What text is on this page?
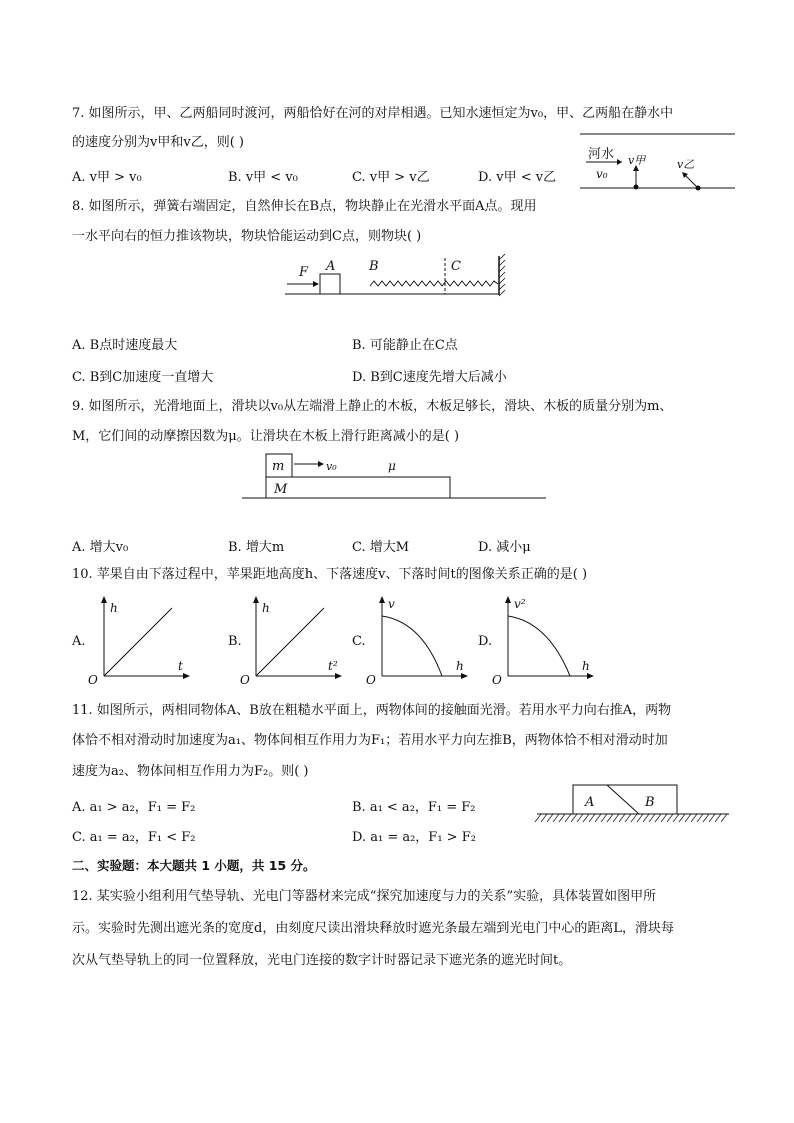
7. 如图所示，甲、乙两船同时渡河，两船恰好在河的对岸相遇。已知水速恒定为v₀，甲、乙两船在静水中
的速度分别为v甲和v乙，则( )
A. v甲 > v₀	B. v甲 < v₀	C. v甲 > v乙	D. v甲 < v乙
河水
v₀
v甲	v乙
8. 如图所示，弹簧右端固定，自然伸长在B点，物块静止在光滑水平面A点。现用
一水平向右的恒力推该物块，物块恰能运动到C点，则物块( )
F A	B	C
A. B点时速度最大	B. 可能静止在C点
C. B到C加速度一直增大	D. B到C速度先增大后减小
9. 如图所示，光滑地面上，滑块以v₀从左端滑上静止的木板，木板足够长，滑块、木板的质量分别为m、
M，它们间的动摩擦因数为μ。让滑块在木板上滑行距离减小的是( )
m	v₀	μ
M
A. 增大v₀	B. 增大m	C. 增大M	D. 减小μ
10. 苹果自由下落过程中，苹果距地高度h、下落速度v、下落时间t的图像关系正确的是( )
A.	B.	C.	D.
h
t
O
h
t²
O
v
h
O
v²
h
O
11. 如图所示，两相同物体A、B放在粗糙水平面上，两物体间的接触面光滑。若用水平力向右推A，两物
体恰不相对滑动时加速度为a₁、物体间相互作用力为F₁；若用水平力向左推B，两物体恰不相对滑动时加
速度为a₂、物体间相互作用力为F₂。则( )
A. a₁ > a₂，F₁ = F₂	B. a₁ < a₂，F₁ = F₂
C. a₁ = a₂，F₁ < F₂	D. a₁ = a₂，F₁ > F₂
A	B
二、实验题：本大题共 1 小题，共 15 分。
12. 某实验小组利用气垫导轨、光电门等器材来完成“探究加速度与力的关系”实验，具体装置如图甲所
示。实验时先测出遮光条的宽度d，由刻度尺读出滑块释放时遮光条最左端到光电门中心的距离L，滑块每
次从气垫导轨上的同一位置释放，光电门连接的数字计时器记录下遮光条的遮光时间t。
